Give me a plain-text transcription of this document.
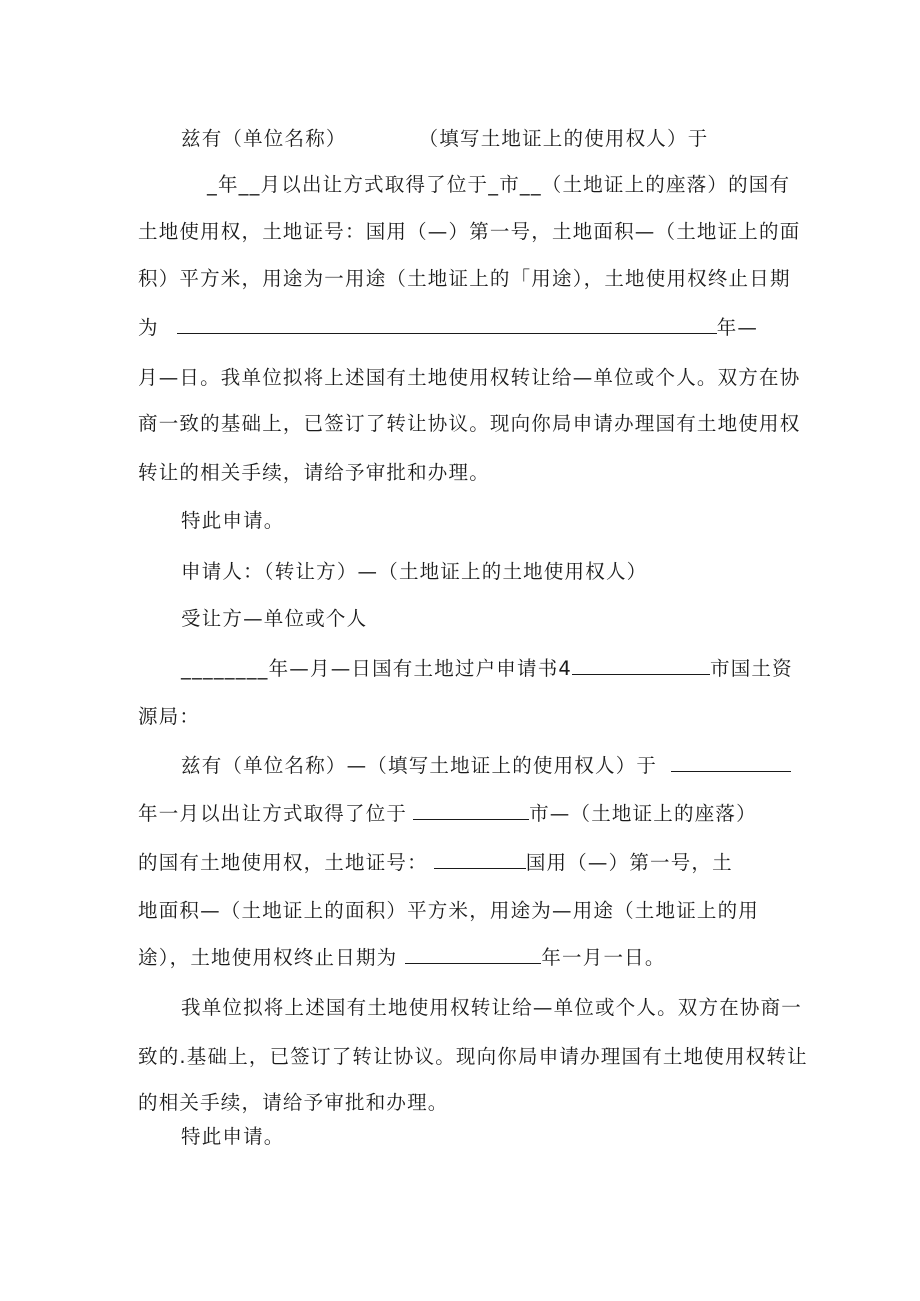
兹有（单位名称）	（填写土地证上的使用权人）于
_年__月以出让方式取得了位于_市__（土地证上的座落）的国有
土地使用权，土地证号：国用（—）第一号，土地面积—（土地证上的面
积）平方米，用途为一用途（土地证上的「用途），土地使用权终止日期
为	年—
月—日。我单位拟将上述国有土地使用权转让给—单位或个人。双方在协
商一致的基础上，已签订了转让协议。现向你局申请办理国有土地使用权
转让的相关手续，请给予审批和办理。
特此申请。
申请人：（转让方）—（土地证上的土地使用权人）
受让方—单位或个人
________年—月—日国有土地过户申请书4	市国土资
源局：
兹有（单位名称）—（填写土地证上的使用权人）于
年一月以出让方式取得了位于	市—（土地证上的座落）
的国有土地使用权，土地证号：	国用（—）第一号，土
地面积—（土地证上的面积）平方米，用途为—用途（土地证上的用
途），土地使用权终止日期为	年一月一日。
我单位拟将上述国有土地使用权转让给—单位或个人。双方在协商一
致的.基础上，已签订了转让协议。现向你局申请办理国有土地使用权转让
的相关手续，请给予审批和办理。
特此申请。
